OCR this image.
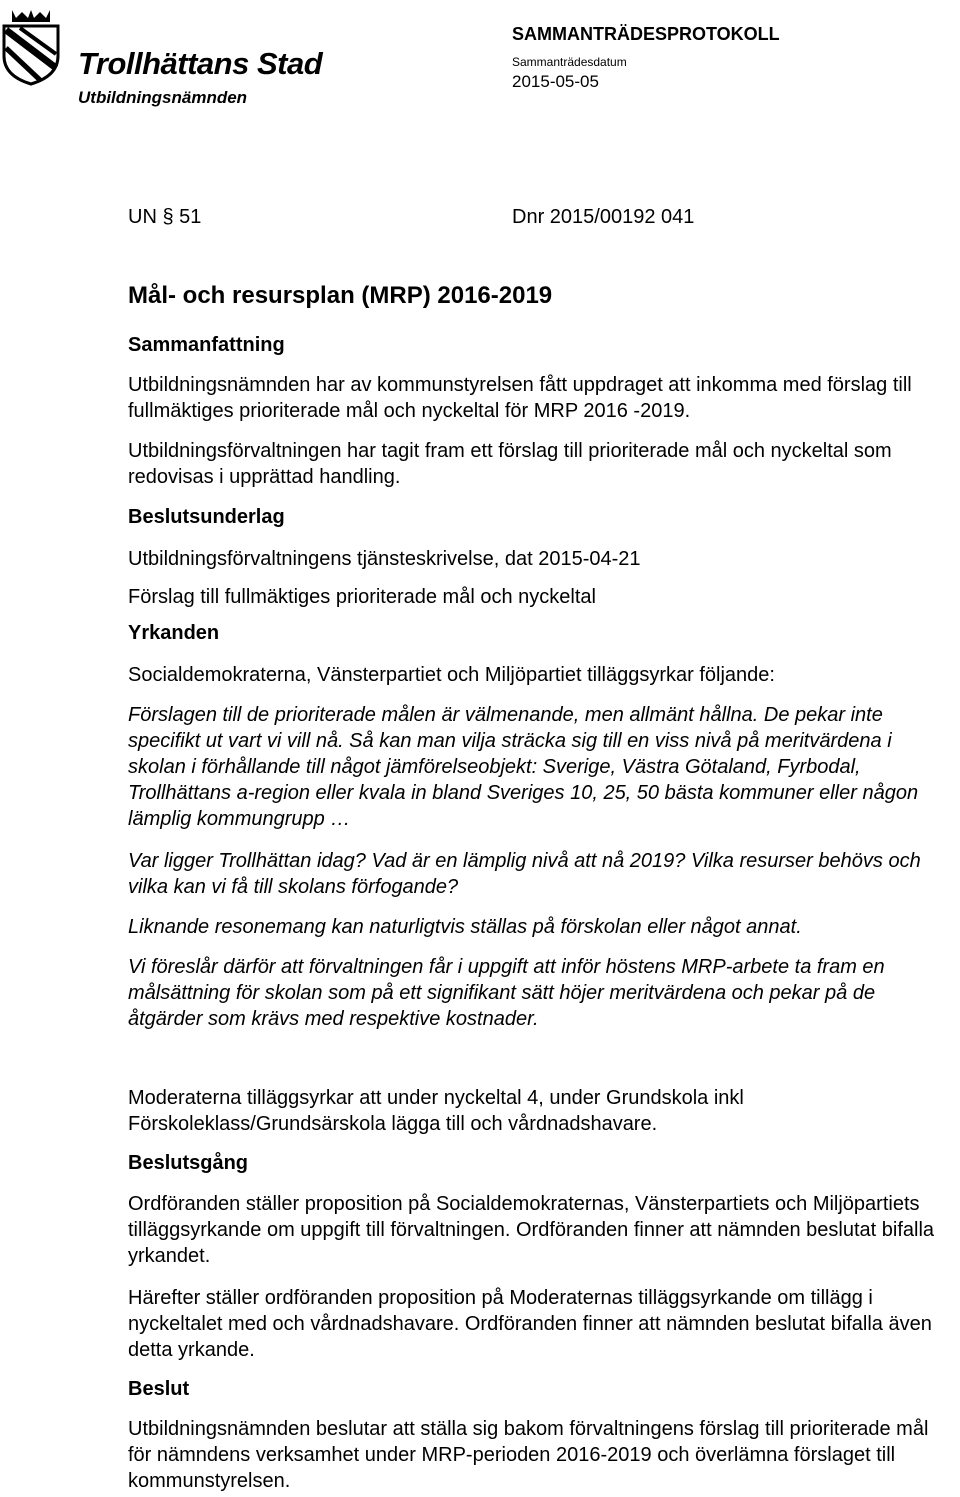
Trollhättans Stad
Utbildningsnämnden
SAMMANTRÄDESPROTOKOLL
Sammanträdesdatum
2015-05-05
UN § 51	Dnr 2015/00192 041
Mål- och resursplan (MRP) 2016-2019
Sammanfattning

Utbildningsnämnden har av kommunstyrelsen fått uppdraget att inkomma med förslag till fullmäktiges prioriterade mål och nyckeltal för MRP 2016 -2019.

Utbildningsförvaltningen har tagit fram ett förslag till prioriterade mål och nyckeltal som redovisas i upprättad handling.

Beslutsunderlag
Utbildningsförvaltningens tjänsteskrivelse, dat 2015-04-21
Förslag till fullmäktiges prioriterade mål och nyckeltal
Yrkanden
Socialdemokraterna, Vänsterpartiet och Miljöpartiet tilläggsyrkar följande:

Förslagen till de prioriterade målen är välmenande, men allmänt hållna. De pekar inte specifikt ut vart vi vill nå. Så kan man vilja sträcka sig till en viss nivå på meritvärdena i skolan i förhållande till något jämförelseobjekt: Sverige, Västra Götaland, Fyrbodal, Trollhättans a-region eller kvala in bland Sveriges 10, 25, 50 bästa kommuner eller någon lämplig kommungrupp …

Var ligger Trollhättan idag? Vad är en lämplig nivå att nå 2019? Vilka resurser behövs och vilka kan vi få till skolans förfogande?

Liknande resonemang kan naturligtvis ställas på förskolan eller något annat.

Vi föreslår därför att förvaltningen får i uppgift att inför höstens MRP-arbete ta fram en målsättning för skolan som på ett signifikant sätt höjer meritvärdena och pekar på de åtgärder som krävs med respektive kostnader.

Moderaterna tilläggsyrkar att under nyckeltal 4, under Grundskola inkl Förskoleklass/Grundsärskola lägga till och vårdnadshavare.

Beslutsgång

Ordföranden ställer proposition på Socialdemokraternas, Vänsterpartiets och Miljöpartiets tilläggsyrkande om uppgift till förvaltningen. Ordföranden finner att nämnden beslutat bifalla yrkandet.

Härefter ställer ordföranden proposition på Moderaternas tilläggsyrkande om tillägg i nyckeltalet med och vårdnadshavare. Ordföranden finner att nämnden beslutat bifalla även detta yrkande.

Beslut

Utbildningsnämnden beslutar att ställa sig bakom förvaltningens förslag till prioriterade mål för nämndens verksamhet under MRP-perioden 2016-2019 och överlämna förslaget till kommunstyrelsen.
